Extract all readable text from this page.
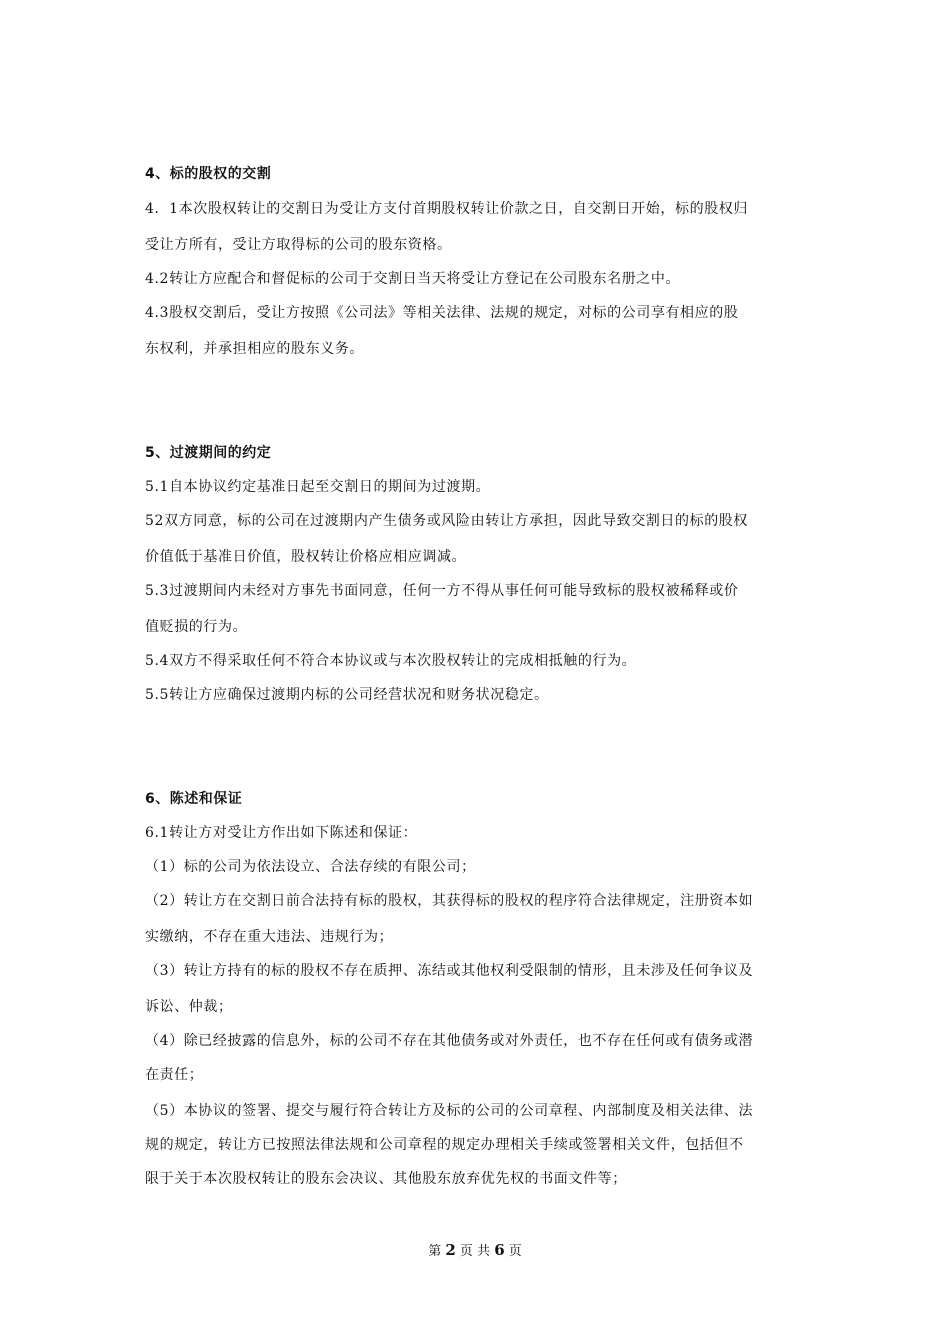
4、标的股权的交割
4．1本次股权转让的交割日为受让方支付首期股权转让价款之日，自交割日开始，标的股权归
受让方所有，受让方取得标的公司的股东资格。
4.2转让方应配合和督促标的公司于交割日当天将受让方登记在公司股东名册之中。
4.3股权交割后，受让方按照《公司法》等相关法律、法规的规定，对标的公司享有相应的股
东权利，并承担相应的股东义务。
5、过渡期间的约定
5.1自本协议约定基准日起至交割日的期间为过渡期。
52双方同意，标的公司在过渡期内产生债务或风险由转让方承担，因此导致交割日的标的股权
价值低于基准日价值，股权转让价格应相应调减。
5.3过渡期间内未经对方事先书面同意，任何一方不得从事任何可能导致标的股权被稀释或价
值贬损的行为。
5.4双方不得采取任何不符合本协议或与本次股权转让的完成相抵触的行为。
5.5转让方应确保过渡期内标的公司经营状况和财务状况稳定。
6、陈述和保证
6.1转让方对受让方作出如下陈述和保证：
（1）标的公司为依法设立、合法存续的有限公司；
（2）转让方在交割日前合法持有标的股权，其获得标的股权的程序符合法律规定，注册资本如
实缴纳，不存在重大违法、违规行为；
（3）转让方持有的标的股权不存在质押、冻结或其他权利受限制的情形，且未涉及任何争议及
诉讼、仲裁；
（4）除已经披露的信息外，标的公司不存在其他债务或对外责任，也不存在任何或有债务或潜
在责任；
（5）本协议的签署、提交与履行符合转让方及标的公司的公司章程、内部制度及相关法律、法
规的规定，转让方已按照法律法规和公司章程的规定办理相关手续或签署相关文件，包括但不
限于关于本次股权转让的股东会决议、其他股东放弃优先权的书面文件等；
第 2 页 共 6 页
